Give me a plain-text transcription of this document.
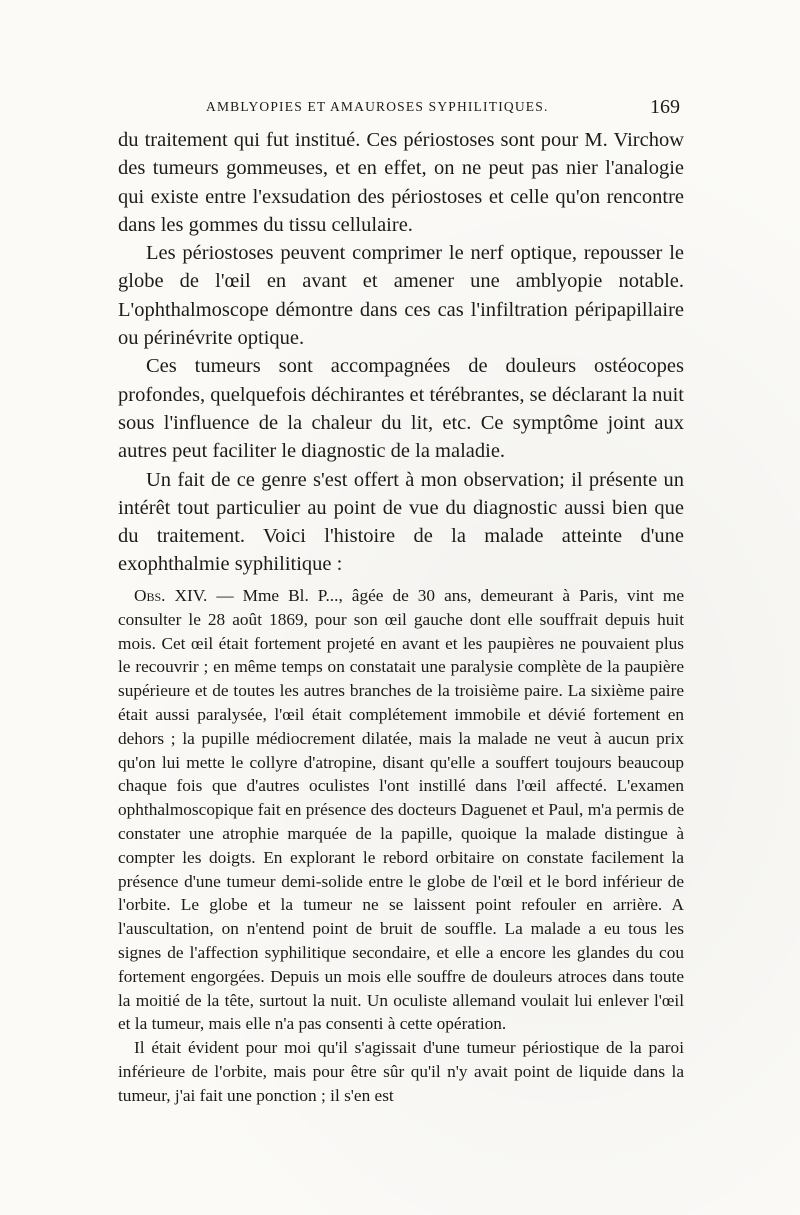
AMBLYOPIES ET AMAUROSES SYPHILITIQUES.	169

du traitement qui fut institué. Ces périostoses sont pour M. Virchow des tumeurs gommeuses, et en effet, on ne peut pas nier l'analogie qui existe entre l'exsudation des périostoses et celle qu'on rencontre dans les gommes du tissu cellulaire.

Les périostoses peuvent comprimer le nerf optique, repousser le globe de l'œil en avant et amener une amblyopie notable. L'ophthalmoscope démontre dans ces cas l'infiltration péripapillaire ou périnévrite optique.

Ces tumeurs sont accompagnées de douleurs ostéocopes profondes, quelquefois déchirantes et térébrantes, se déclarant la nuit sous l'influence de la chaleur du lit, etc. Ce symptôme joint aux autres peut faciliter le diagnostic de la maladie.

Un fait de ce genre s'est offert à mon observation; il présente un intérêt tout particulier au point de vue du diagnostic aussi bien que du traitement. Voici l'histoire de la malade atteinte d'une exophthalmie syphilitique :

Obs. XIV. — Mme Bl. P..., âgée de 30 ans, demeurant à Paris, vint me consulter le 28 août 1869, pour son œil gauche dont elle souffrait depuis huit mois. Cet œil était fortement projeté en avant et les paupières ne pouvaient plus le recouvrir ; en même temps on constatait une paralysie complète de la paupière supérieure et de toutes les autres branches de la troisième paire. La sixième paire était aussi paralysée, l'œil était complétement immobile et dévié fortement en dehors ; la pupille médiocrement dilatée, mais la malade ne veut à aucun prix qu'on lui mette le collyre d'atropine, disant qu'elle a souffert toujours beaucoup chaque fois que d'autres oculistes l'ont instillé dans l'œil affecté. L'examen ophthalmoscopique fait en présence des docteurs Daguenet et Paul, m'a permis de constater une atrophie marquée de la papille, quoique la malade distingue à compter les doigts. En explorant le rebord orbitaire on constate facilement la présence d'une tumeur demi-solide entre le globe de l'œil et le bord inférieur de l'orbite. Le globe et la tumeur ne se laissent point refouler en arrière. A l'auscultation, on n'entend point de bruit de souffle. La malade a eu tous les signes de l'affection syphilitique secondaire, et elle a encore les glandes du cou fortement engorgées. Depuis un mois elle souffre de douleurs atroces dans toute la moitié de la tête, surtout la nuit. Un oculiste allemand voulait lui enlever l'œil et la tumeur, mais elle n'a pas consenti à cette opération.

Il était évident pour moi qu'il s'agissait d'une tumeur périostique de la paroi inférieure de l'orbite, mais pour être sûr qu'il n'y avait point de liquide dans la tumeur, j'ai fait une ponction ; il s'en est
